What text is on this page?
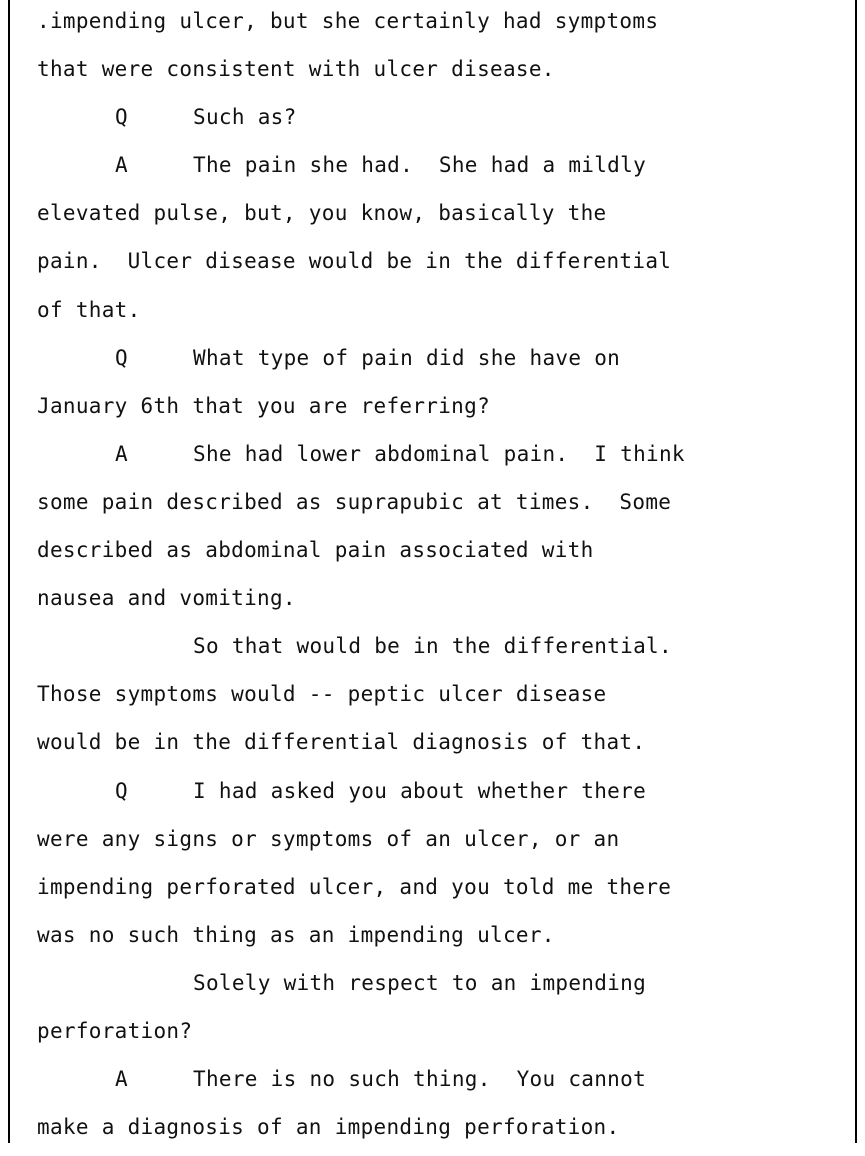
.impending ulcer, but she certainly had symptoms
that were consistent with ulcer disease.
Q	Such as?
A	The pain she had.  She had a mildly
elevated pulse, but, you know, basically the
pain.  Ulcer disease would be in the differential
of that.
Q	What type of pain did she have on
January 6th that you are referring?
A	She had lower abdominal pain.  I think
some pain described as suprapubic at times.  Some
described as abdominal pain associated with
nausea and vomiting.
So that would be in the differential.
Those symptoms would -- peptic ulcer disease
would be in the differential diagnosis of that.
Q	I had asked you about whether there
were any signs or symptoms of an ulcer, or an
impending perforated ulcer, and you told me there
was no such thing as an impending ulcer.
Solely with respect to an impending
perforation?
A	There is no such thing.  You cannot
make a diagnosis of an impending perforation.
